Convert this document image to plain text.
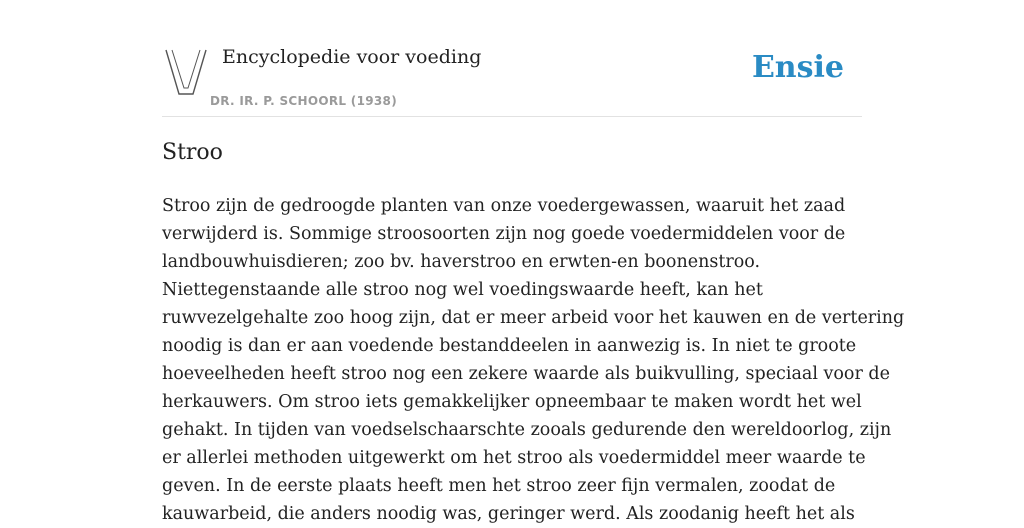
Encyclopedie voor voeding
DR. IR. P. SCHOORL (1938)
Ensie
Stroo
Stroo zijn de gedroogde planten van onze voedergewassen, waaruit het zaad
verwijderd is. Sommige stroosoorten zijn nog goede voedermiddelen voor de
landbouwhuisdieren; zoo bv. haverstroo en erwten-en boonenstroo.
Niettegenstaande alle stroo nog wel voedingswaarde heeft, kan het
ruwvezelgehalte zoo hoog zijn, dat er meer arbeid voor het kauwen en de vertering
noodig is dan er aan voedende bestanddeelen in aanwezig is. In niet te groote
hoeveelheden heeft stroo nog een zekere waarde als buikvulling, speciaal voor de
herkauwers. Om stroo iets gemakkelijker opneembaar te maken wordt het wel
gehakt. In tijden van voedselschaarschte zooals gedurende den wereldoorlog, zijn
er allerlei methoden uitgewerkt om het stroo als voedermiddel meer waarde te
geven. In de eerste plaats heeft men het stroo zeer fijn vermalen, zoodat de
kauwarbeid, die anders noodig was, geringer werd. Als zoodanig heeft het als
